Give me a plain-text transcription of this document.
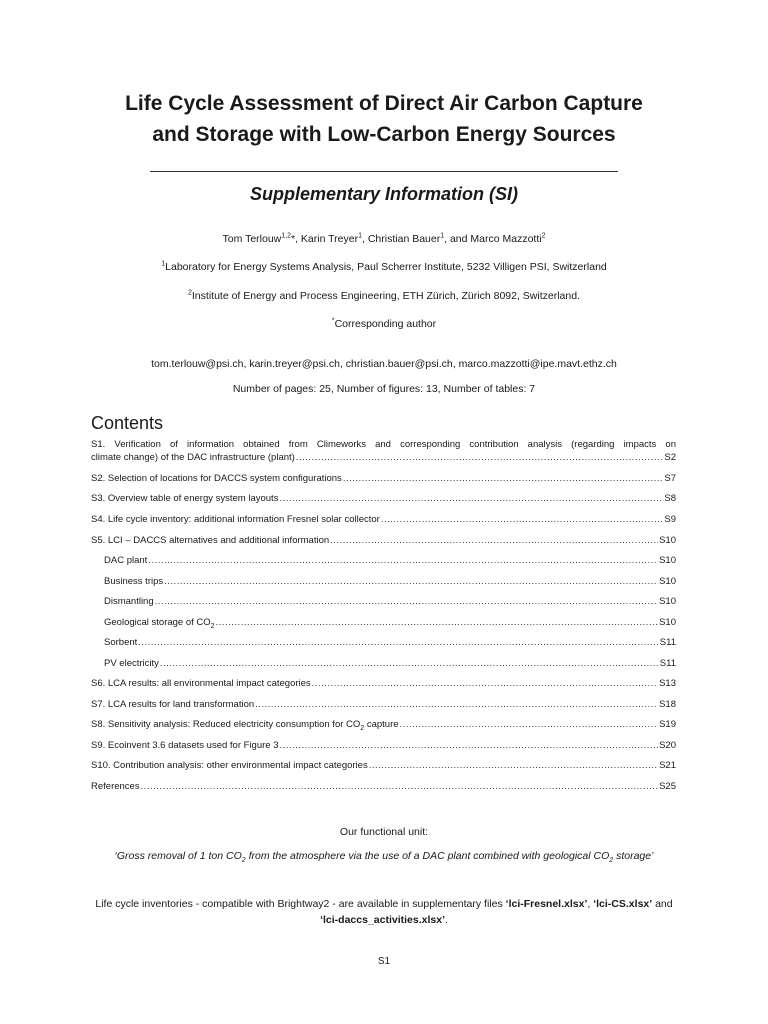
Life Cycle Assessment of Direct Air Carbon Capture
and Storage with Low-Carbon Energy Sources
Supplementary Information (SI)
Tom Terlouw$^{1,2}$*, Karin Treyer$^1$, Christian Bauer$^1$, and Marco Mazzotti$^2$
$^1$Laboratory for Energy Systems Analysis, Paul Scherrer Institute, 5232 Villigen PSI, Switzerland
$^2$Institute of Energy and Process Engineering, ETH Zürich, Zürich 8092, Switzerland.
*Corresponding author
tom.terlouw@psi.ch, karin.treyer@psi.ch, christian.bauer@psi.ch, marco.mazzotti@ipe.mavt.ethz.ch
Number of pages: 25, Number of figures: 13, Number of tables: 7
Contents
S1. Verification of information obtained from Climeworks and corresponding contribution analysis (regarding impacts on
climate change) of the DAC infrastructure (plant) .....	S2
S2. Selection of locations for DACCS system configurations .....	S7
S3. Overview table of energy system layouts .....	S8
S4. Life cycle inventory: additional information Fresnel solar collector .....	S9
S5. LCI – DACCS alternatives and additional information .....	S10
DAC plant .....	S10
Business trips .....	S10
Dismantling .....	S10
Geological storage of $CO_2$ .....	S10
Sorbent .....	S11
PV electricity .....	S11
S6. LCA results: all environmental impact categories .....	S13
S7. LCA results for land transformation .....	S18
S8. Sensitivity analysis: Reduced electricity consumption for $CO_2$ capture .....	S19
S9. Ecoinvent 3.6 datasets used for Figure 3 .....	S20
S10. Contribution analysis: other environmental impact categories .....	S21
References .....	S25
Our functional unit:
‘Gross removal of 1 ton $CO_2$ from the atmosphere via the use of a DAC plant combined with geological $CO_2$ storage’
Life cycle inventories - compatible with Brightway2 - are available in supplementary files ‘lci-Fresnel.xlsx’, ‘lci-CS.xlsx’ and
‘lci-daccs_activities.xlsx’.
S1
